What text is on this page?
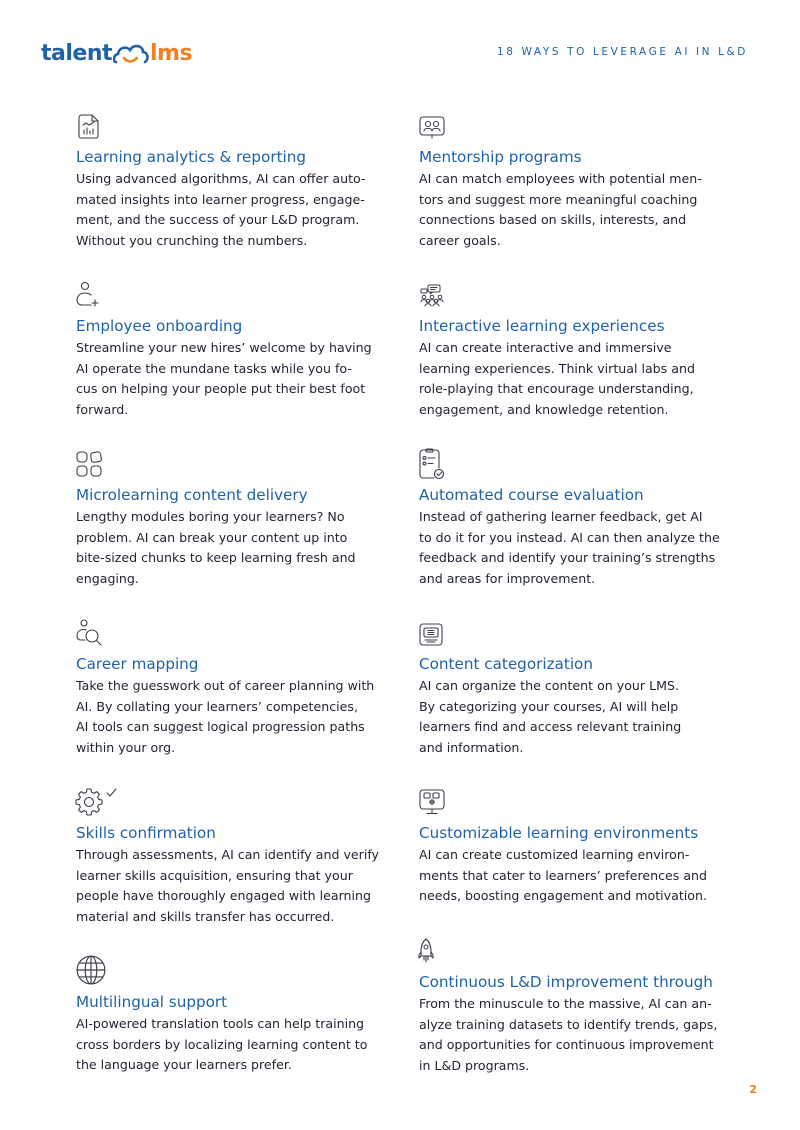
talent lms	18 WAYS TO LEVERAGE AI IN L&D
Learning analytics & reporting
Using advanced algorithms, AI can offer auto-
mated insights into learner progress, engage-
ment, and the success of your L&D program.
Without you crunching the numbers.
Mentorship programs
AI can match employees with potential men-
tors and suggest more meaningful coaching
connections based on skills, interests, and
career goals.
Employee onboarding
Streamline your new hires’ welcome by having
AI operate the mundane tasks while you fo-
cus on helping your people put their best foot
forward.
Interactive learning experiences
AI can create interactive and immersive
learning experiences. Think virtual labs and
role-playing that encourage understanding,
engagement, and knowledge retention.
Microlearning content delivery
Lengthy modules boring your learners? No
problem. AI can break your content up into
bite-sized chunks to keep learning fresh and
engaging.
Automated course evaluation
Instead of gathering learner feedback, get AI
to do it for you instead. AI can then analyze the
feedback and identify your training’s strengths
and areas for improvement.
Career mapping
Take the guesswork out of career planning with
AI. By collating your learners’ competencies,
AI tools can suggest logical progression paths
within your org.
Content categorization
AI can organize the content on your LMS.
By categorizing your courses, AI will help
learners find and access relevant training
and information.
Skills confirmation
Through assessments, AI can identify and verify
learner skills acquisition, ensuring that your
people have thoroughly engaged with learning
material and skills transfer has occurred.
Customizable learning environments
AI can create customized learning environ-
ments that cater to learners’ preferences and
needs, boosting engagement and motivation.
Multilingual support
AI-powered translation tools can help training
cross borders by localizing learning content to
the language your learners prefer.
Continuous L&D improvement through
From the minuscule to the massive, AI can an-
alyze training datasets to identify trends, gaps,
and opportunities for continuous improvement
in L&D programs.
2
